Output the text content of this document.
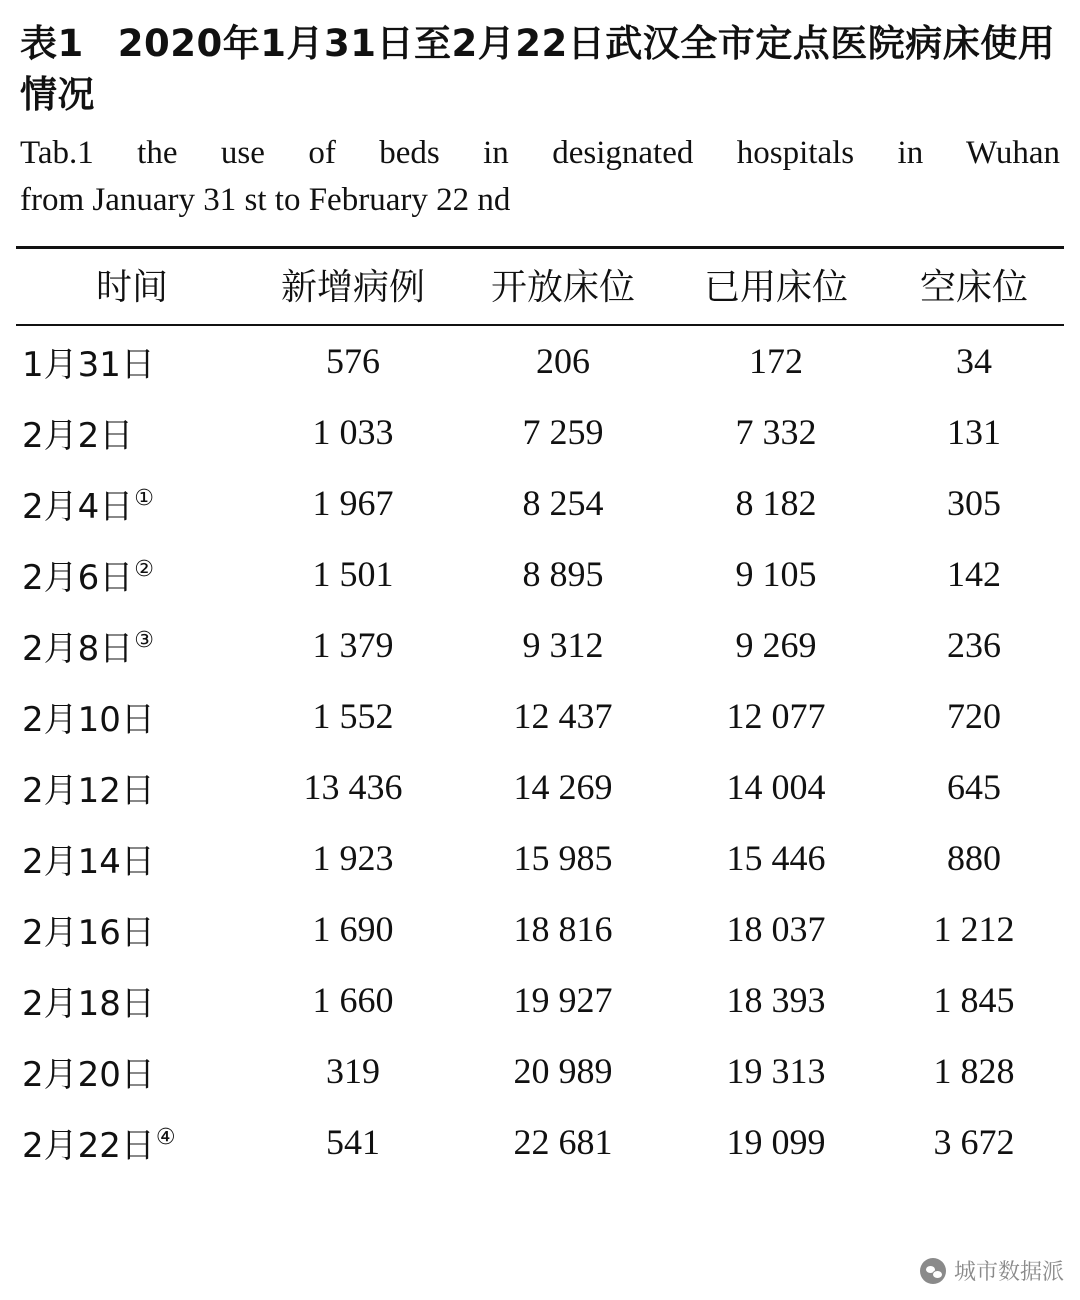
表1 2020年1月31日至2月22日武汉全市定点医院病床使用情况
Tab.1 the use of beds in designated hospitals in Wuhan
from January 31 st to February 22 nd
时间	新增病例	开放床位	已用床位	空床位
1月31日	576	206	172	34
2月2日	1 033	7 259	7 332	131
2月4日①	1 967	8 254	8 182	305
2月6日②	1 501	8 895	9 105	142
2月8日③	1 379	9 312	9 269	236
2月10日	1 552	12 437	12 077	720
2月12日	13 436	14 269	14 004	645
2月14日	1 923	15 985	15 446	880
2月16日	1 690	18 816	18 037	1 212
2月18日	1 660	19 927	18 393	1 845
2月20日	319	20 989	19 313	1 828
2月22日④	541	22 681	19 099	3 672
城市数据派
